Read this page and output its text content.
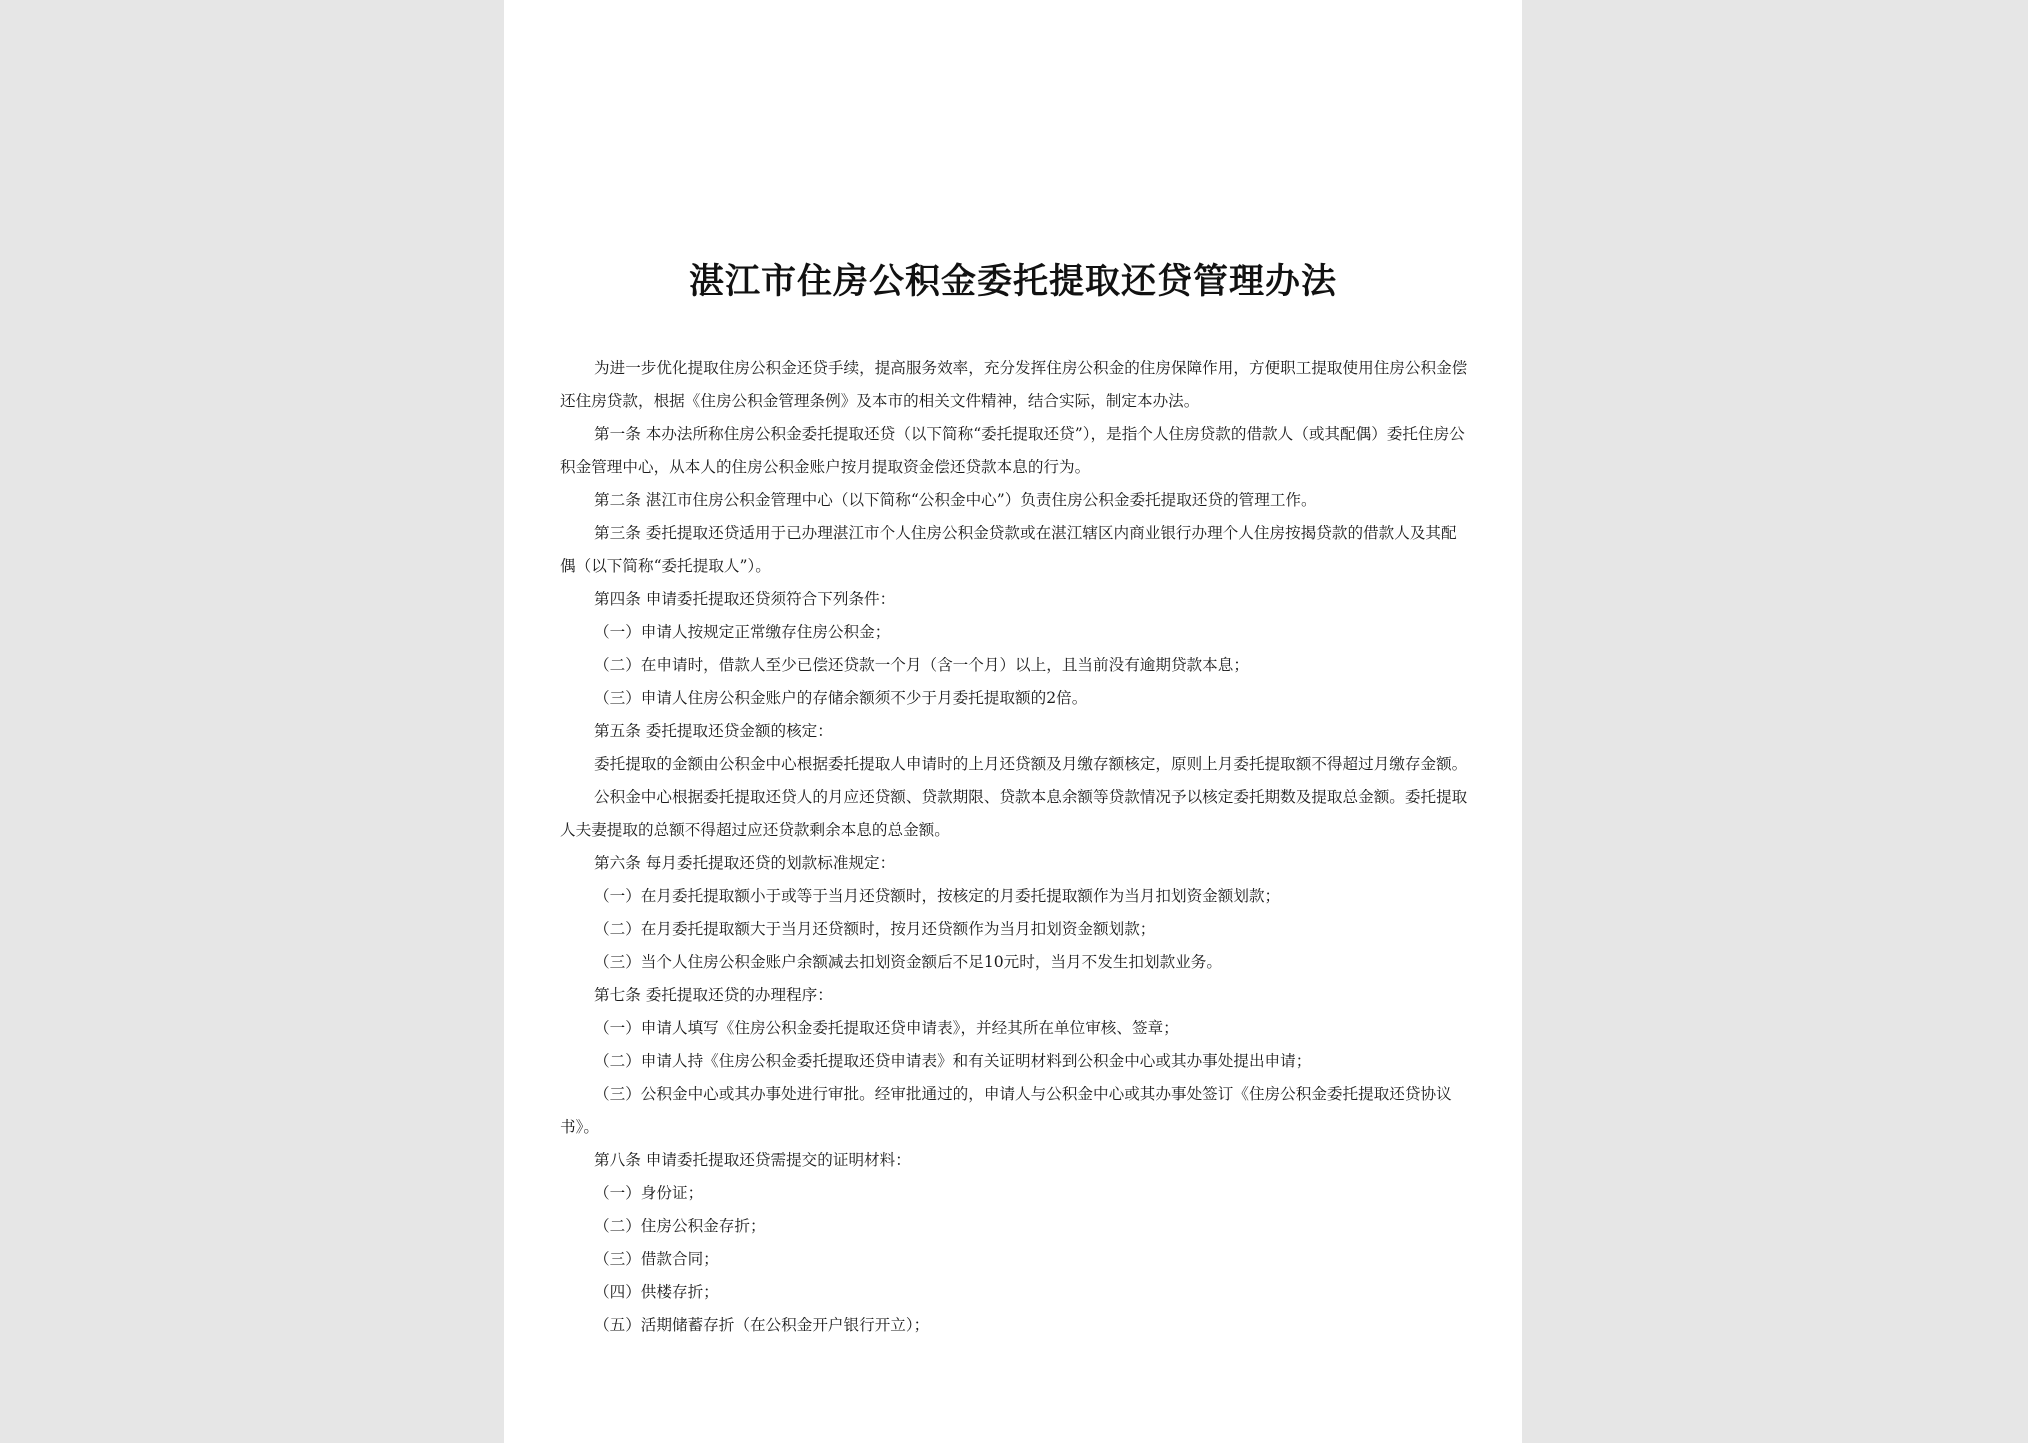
湛江市住房公积金委托提取还贷管理办法

为进一步优化提取住房公积金还贷手续，提高服务效率，充分发挥住房公积金的住房保障作用，方便职工提取使用住房公积金偿还住房贷款，根据《住房公积金管理条例》及本市的相关文件精神，结合实际，制定本办法。

第一条 本办法所称住房公积金委托提取还贷（以下简称“委托提取还贷”），是指个人住房贷款的借款人（或其配偶）委托住房公积金管理中心，从本人的住房公积金账户按月提取资金偿还贷款本息的行为。

第二条 湛江市住房公积金管理中心（以下简称“公积金中心”）负责住房公积金委托提取还贷的管理工作。

第三条 委托提取还贷适用于已办理湛江市个人住房公积金贷款或在湛江辖区内商业银行办理个人住房按揭贷款的借款人及其配偶（以下简称“委托提取人”）。

第四条 申请委托提取还贷须符合下列条件：

（一）申请人按规定正常缴存住房公积金；

（二）在申请时，借款人至少已偿还贷款一个月（含一个月）以上，且当前没有逾期贷款本息；

（三）申请人住房公积金账户的存储余额须不少于月委托提取额的2倍。

第五条 委托提取还贷金额的核定：

委托提取的金额由公积金中心根据委托提取人申请时的上月还贷额及月缴存额核定，原则上月委托提取额不得超过月缴存金额。

公积金中心根据委托提取还贷人的月应还贷额、贷款期限、贷款本息余额等贷款情况予以核定委托期数及提取总金额。委托提取人夫妻提取的总额不得超过应还贷款剩余本息的总金额。

第六条 每月委托提取还贷的划款标准规定：

（一）在月委托提取额小于或等于当月还贷额时，按核定的月委托提取额作为当月扣划资金额划款；

（二）在月委托提取额大于当月还贷额时，按月还贷额作为当月扣划资金额划款；

（三）当个人住房公积金账户余额减去扣划资金额后不足10元时，当月不发生扣划款业务。

第七条 委托提取还贷的办理程序：

（一）申请人填写《住房公积金委托提取还贷申请表》，并经其所在单位审核、签章；

（二）申请人持《住房公积金委托提取还贷申请表》和有关证明材料到公积金中心或其办事处提出申请；

（三）公积金中心或其办事处进行审批。经审批通过的，申请人与公积金中心或其办事处签订《住房公积金委托提取还贷协议书》。

第八条 申请委托提取还贷需提交的证明材料：

（一）身份证；

（二）住房公积金存折；

（三）借款合同；

（四）供楼存折；

（五）活期储蓄存折（在公积金开户银行开立）；
